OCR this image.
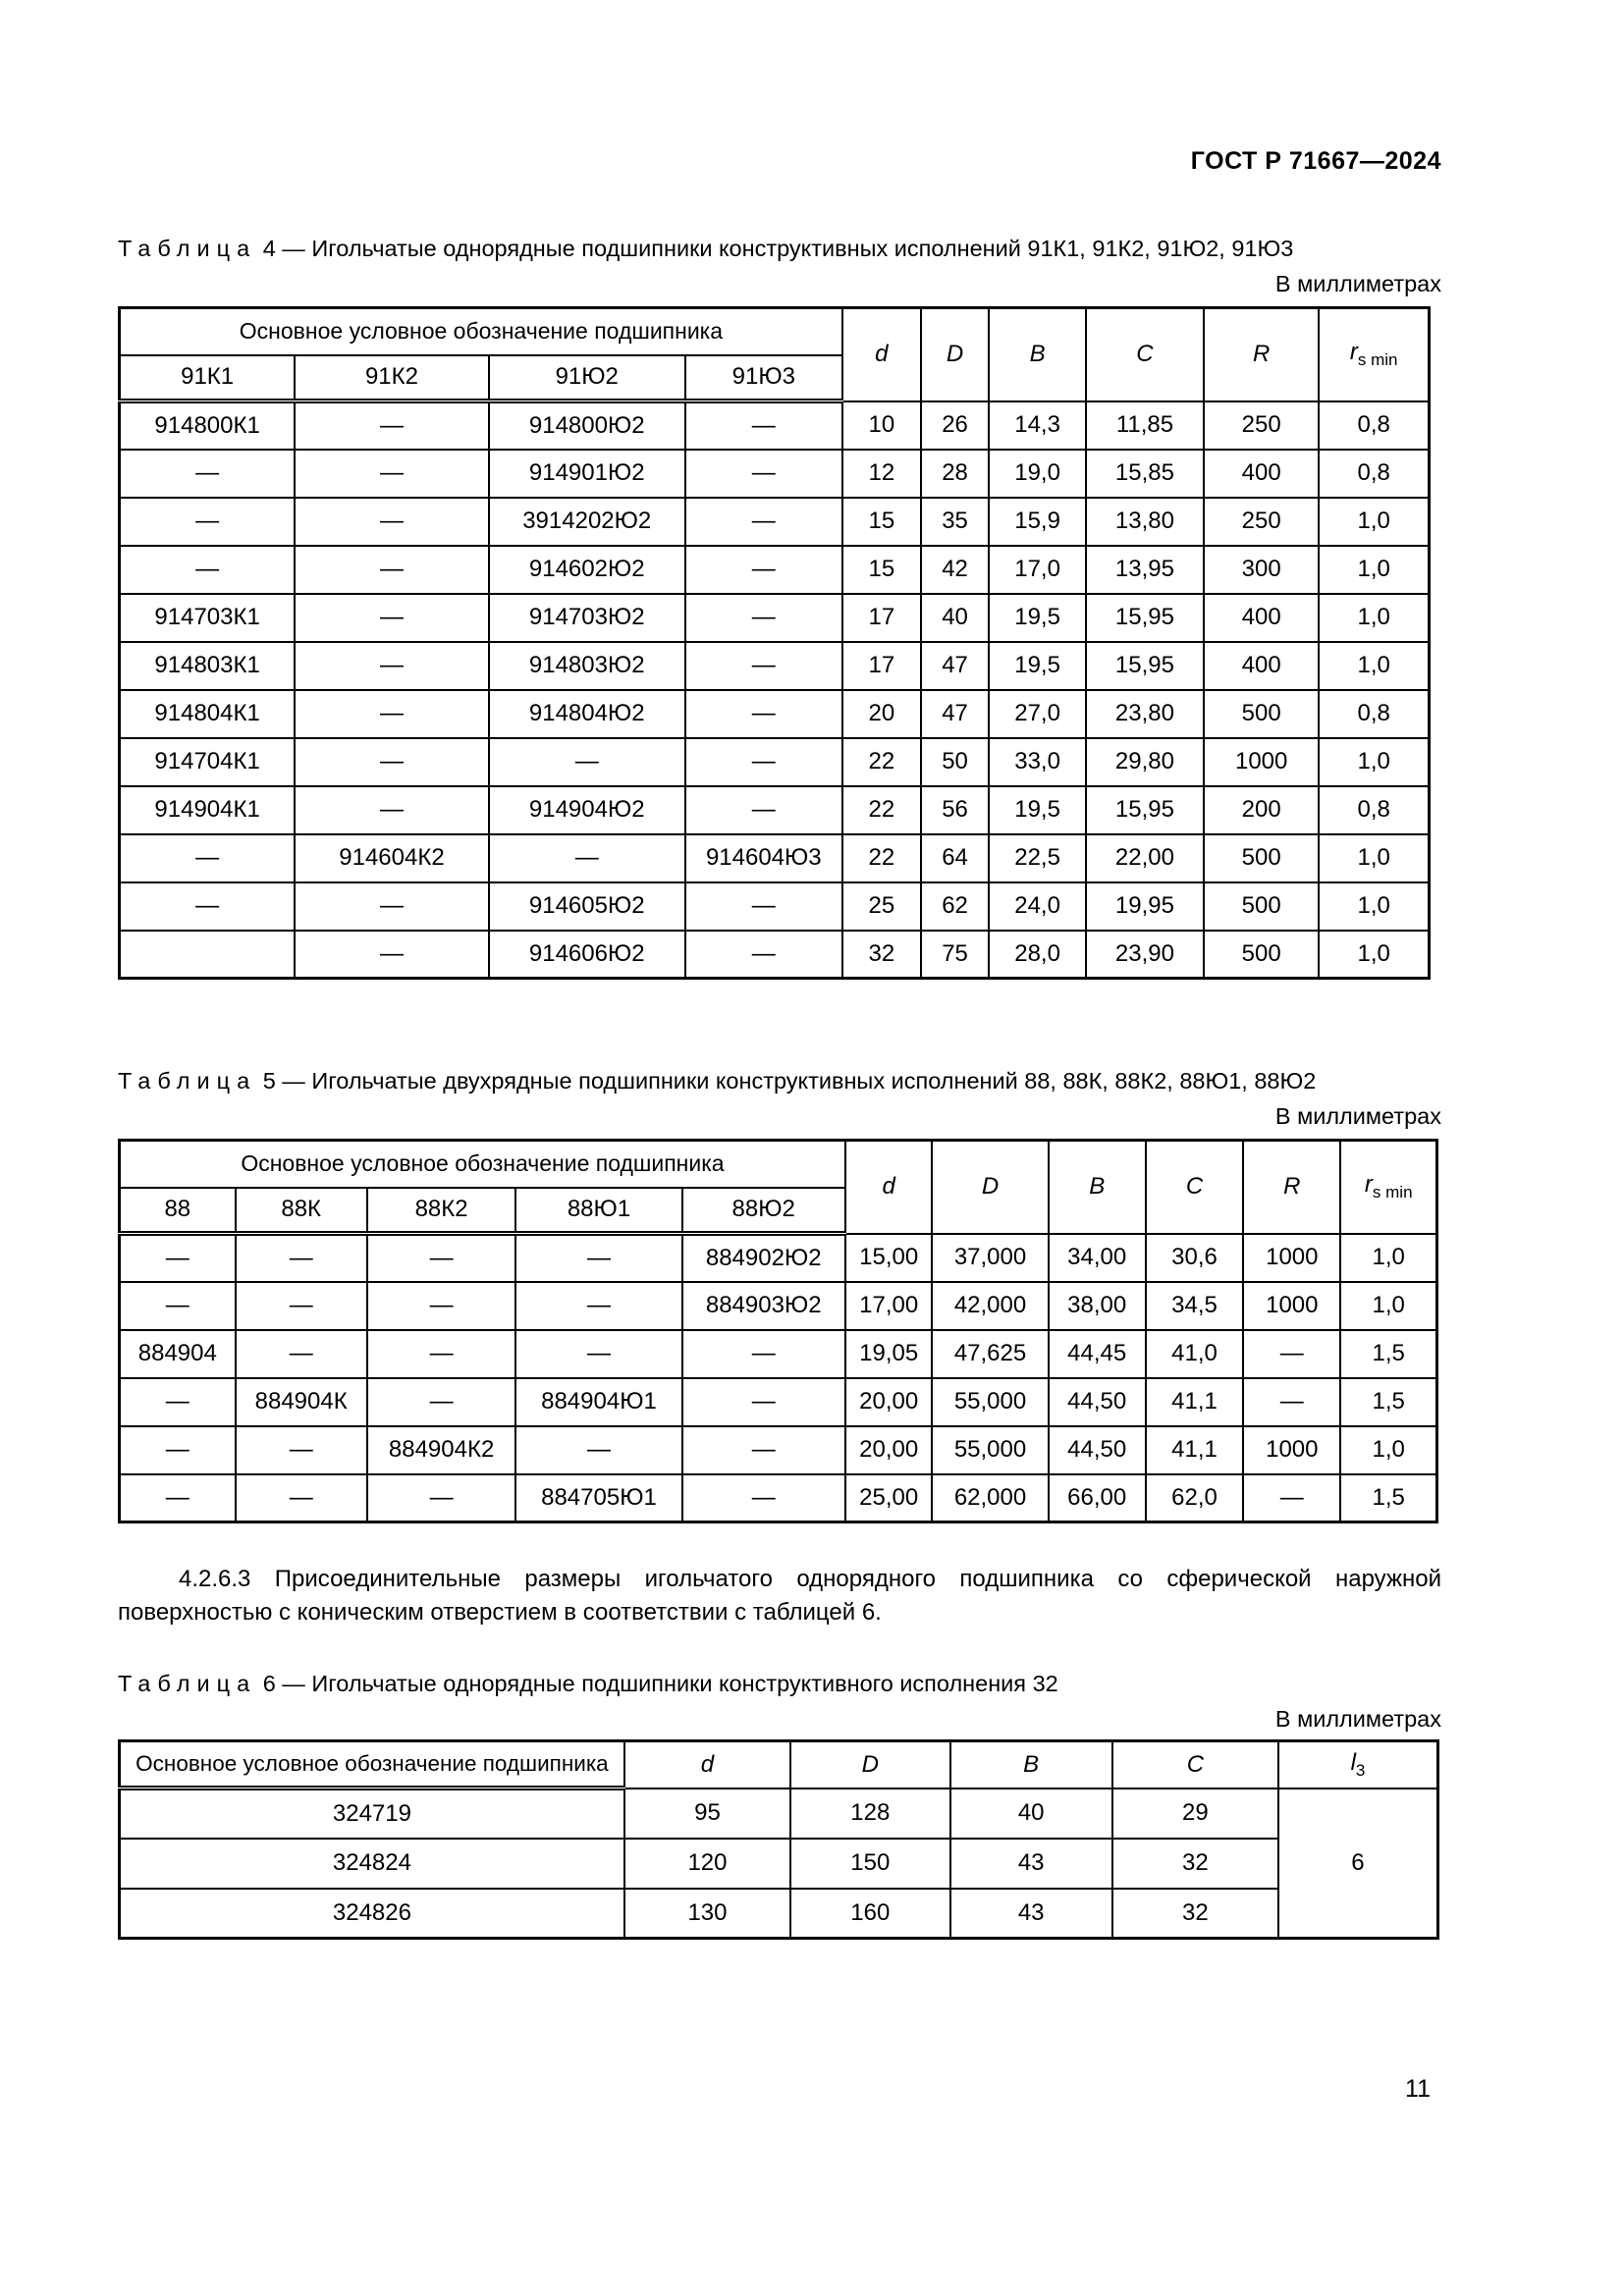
ГОСТ Р 71667—2024
Таблица 4 — Игольчатые однорядные подшипники конструктивных исполнений 91К1, 91К2, 91Ю2, 91Ю3
В миллиметрах
Основное условное обозначение подшипника				d	D	B	C	R	$r_{s min}$
91К1	91К2	91Ю2	91Ю3						
914800К1	—	914800Ю2	—	10	26	14,3	11,85	250	0,8
—	—	914901Ю2	—	12	28	19,0	15,85	400	0,8
—	—	3914202Ю2	—	15	35	15,9	13,80	250	1,0
—	—	914602Ю2	—	15	42	17,0	13,95	300	1,0
914703К1	—	914703Ю2	—	17	40	19,5	15,95	400	1,0
914803К1	—	914803Ю2	—	17	47	19,5	15,95	400	1,0
914804К1	—	914804Ю2	—	20	47	27,0	23,80	500	0,8
914704К1	—	—	—	22	50	33,0	29,80	1000	1,0
914904К1	—	914904Ю2	—	22	56	19,5	15,95	200	0,8
—	914604К2	—	914604Ю3	22	64	22,5	22,00	500	1,0
—	—	914605Ю2	—	25	62	24,0	19,95	500	1,0
	—	914606Ю2	—	32	75	28,0	23,90	500	1,0
Таблица 5 — Игольчатые двухрядные подшипники конструктивных исполнений 88, 88К, 88К2, 88Ю1, 88Ю2
В миллиметрах
Основное условное обозначение подшипника					d	D	B	C	R	$r_{s min}$
88	88К	88К2	88Ю1	88Ю2						
—	—	—	—	884902Ю2	15,00	37,000	34,00	30,6	1000	1,0
—	—	—	—	884903Ю2	17,00	42,000	38,00	34,5	1000	1,0
884904	—	—	—	—	19,05	47,625	44,45	41,0	—	1,5
—	884904К	—	884904Ю1	—	20,00	55,000	44,50	41,1	—	1,5
—	—	884904К2	—	—	20,00	55,000	44,50	41,1	1000	1,0
—	—	—	884705Ю1	—	25,00	62,000	66,00	62,0	—	1,5
4.2.6.3 Присоединительные размеры игольчатого однорядного подшипника со сферической наружной поверхностью с коническим отверстием в соответствии с таблицей 6.
Таблица 6 — Игольчатые однорядные подшипники конструктивного исполнения 32
В миллиметрах
Основное условное обозначение подшипника	d	D	B	C	$l_3$
324719	95	128	40	29	6
324824	120	150	43	32	
324826	130	160	43	32	
11
